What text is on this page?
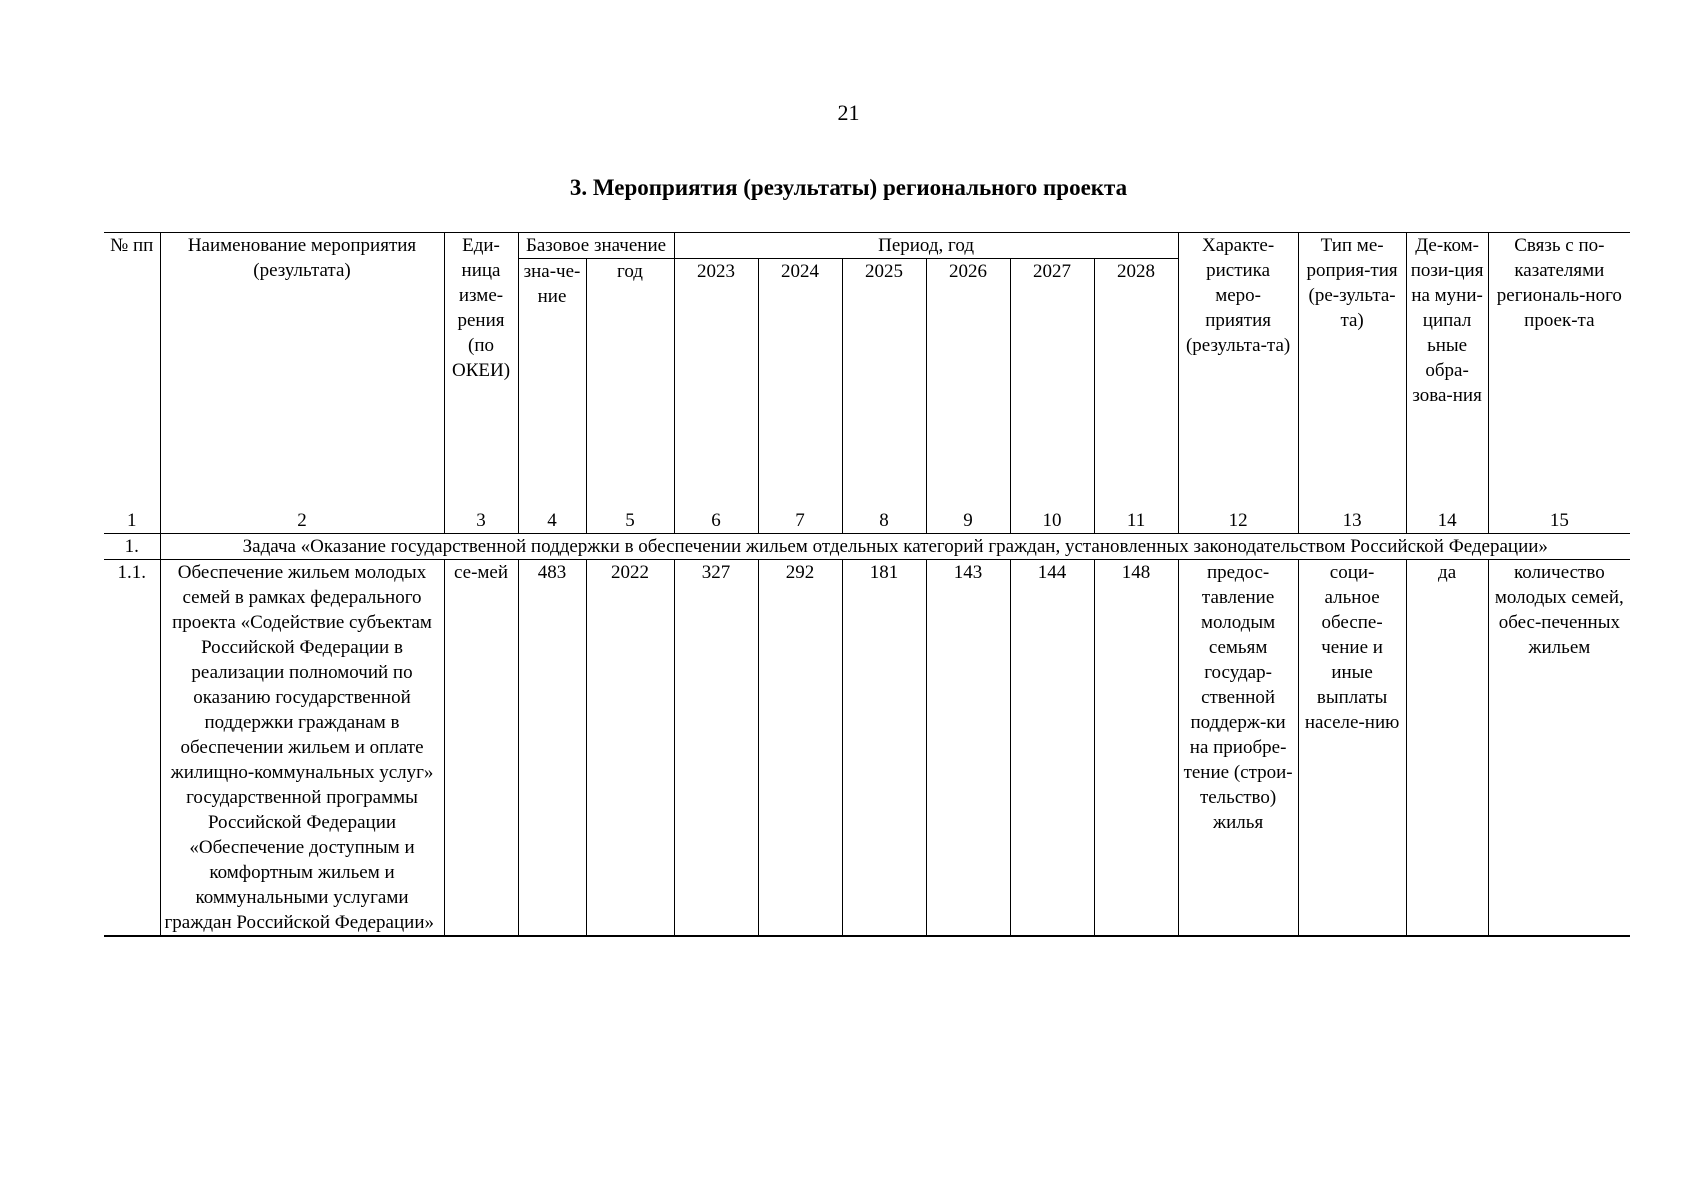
21
3. Мероприятия (результаты) регионального проекта
№ пп	Наименование мероприятия (результата)	Еди-ница изме-рения (по ОКЕИ)	Базовое значение		Период, год						Характе-ристика меро-приятия (результа-та)	Тип ме-роприя-тия (ре-зульта-та)	Де-ком-пози-ция на муни-ципал ьные обра-зова-ния	Связь с по-казателями региональ-ного проек-та
			зна-че-ние	год	2023	2024	2025	2026	2027	2028				

1	2	3	4	5	6	7	8	9	10	11	12	13	14	15
1.	Задача «Оказание государственной поддержки в обеспечении жильем отдельных категорий граждан, установленных законодательством Российской Федерации»													
1.1.	Обеспечение жильем молодых семей в рамках федерального проекта «Содействие субъектам Российской Федерации в реализации полномочий по оказанию государственной поддержки гражданам в обеспечении жильем и оплате жилищно-коммунальных услуг» государственной программы Российской Федерации «Обеспечение доступным и комфортным жильем и коммунальными услугами граждан Российской Федерации»	се-мей	483	2022	327	292	181	143	144	148	предос-тавление молодым семьям государ-ственной поддерж-ки на приобре-тение (строи-тельство) жилья	соци-альное обеспе-чение и иные выплаты населе-нию	да	количество молодых семей, обес-печенных жильем
